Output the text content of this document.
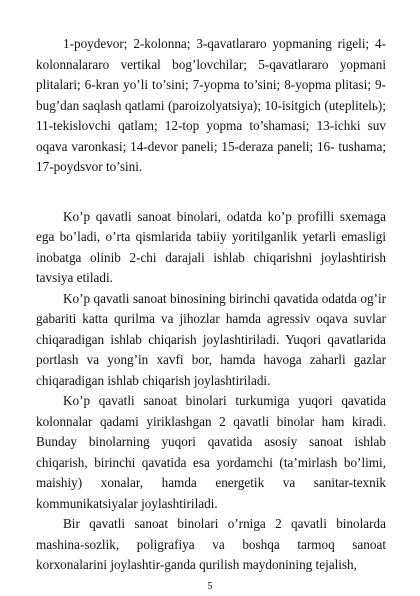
1-poydevor; 2-kolonna; 3-qavatlararo yopmaning rigeli; 4-kolonnalararo vertikal bog’lovchilar; 5-qavatlararo yopmani plitalari; 6-kran yo’li to’sini; 7-yopma to’sini; 8-yopma plitasi; 9-bug’dan saqlash qatlami (paroizolyatsiya); 10-isitgich (uteplitelь); 11-tekislovchi qatlam; 12-top yopma to’shamasi; 13-ichki suv oqava varonkasi; 14-devor paneli; 15-deraza paneli; 16- tushama; 17-poydsvor to’sini.

Ko’p qavatli sanoat binolari, odatda ko’p profilli sxemaga ega bo’ladi, o’rta qismlarida tabiiy yoritilganlik yetarli emasligi inobatga olinib 2-chi darajali ishlab chiqarishni joylashtirish tavsiya etiladi.

Ko’p qavatli sanoat binosining birinchi qavatida odatda og’ir gabariti katta qurilma va jihozlar hamda agressiv oqava suvlar chiqaradigan ishlab chiqarish joylashtiriladi. Yuqori qavatlarida portlash va yong’in xavfi bor, hamda havoga zaharli gazlar chiqaradigan ishlab chiqarish joylashtiriladi.

Ko’p qavatli sanoat binolari turkumiga yuqori qavatida kolonnalar qadami yiriklashgan 2 qavatli binolar ham kiradi. Bunday binolarning yuqori qavatida asosiy sanoat ishlab chiqarish, birinchi qavatida esa yordamchi (ta’mirlash bo’limi, maishiy) xonalar, hamda energetik va sanitar-texnik kommunikatsiyalar joylashtiriladi.

Bir qavatli sanoat binolari o’rniga 2 qavatli binolarda mashina-sozlik, poligrafiya va boshqa tarmoq sanoat korxonalarini joylashtir-ganda qurilish maydonining tejalish,

5
